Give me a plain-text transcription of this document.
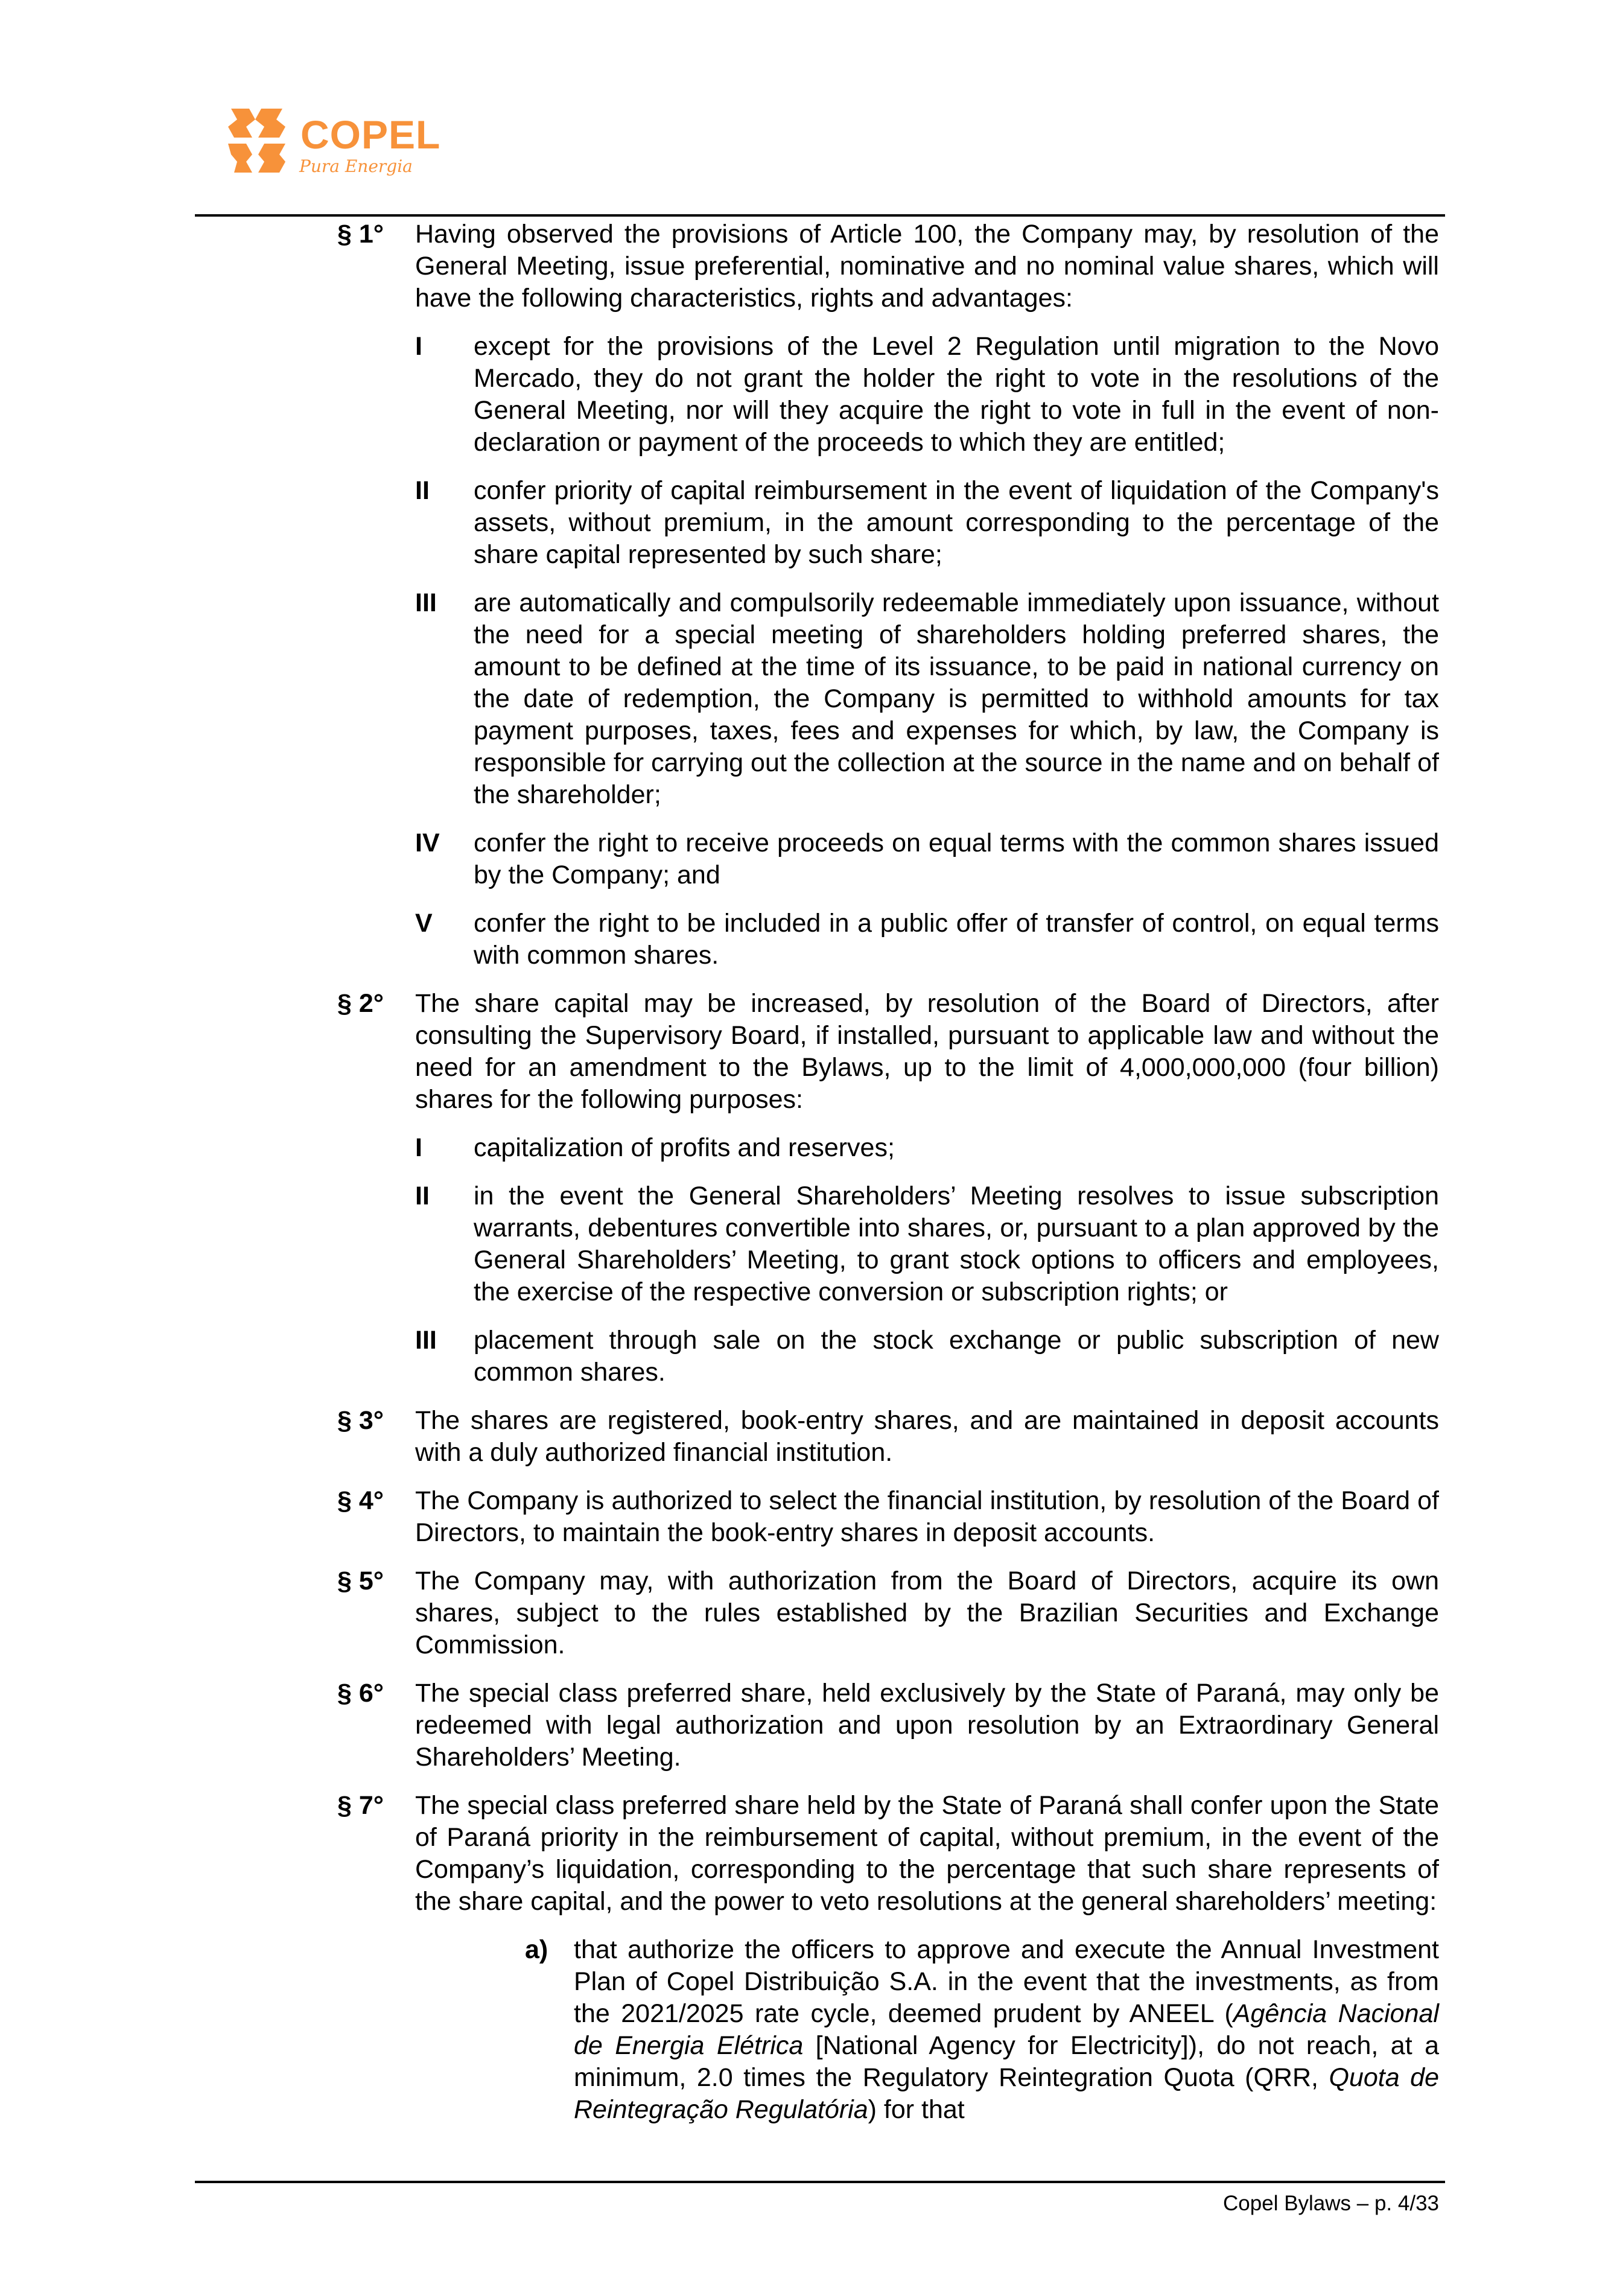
COPEL
Pura Energia
§ 1° Having observed the provisions of Article 100, the Company may, by resolution of the General Meeting, issue preferential, nominative and no nominal value shares, which will have the following characteristics, rights and advantages:
I except for the provisions of the Level 2 Regulation until migration to the Novo Mercado, they do not grant the holder the right to vote in the resolutions of the General Meeting, nor will they acquire the right to vote in full in the event of non-declaration or payment of the proceeds to which they are entitled;
II confer priority of capital reimbursement in the event of liquidation of the Company's assets, without premium, in the amount corresponding to the percentage of the share capital represented by such share;
III are automatically and compulsorily redeemable immediately upon issuance, without the need for a special meeting of shareholders holding preferred shares, the amount to be defined at the time of its issuance, to be paid in national currency on the date of redemption, the Company is permitted to withhold amounts for tax payment purposes, taxes, fees and expenses for which, by law, the Company is responsible for carrying out the collection at the source in the name and on behalf of the shareholder;
IV confer the right to receive proceeds on equal terms with the common shares issued by the Company; and
V confer the right to be included in a public offer of transfer of control, on equal terms with common shares.
§ 2° The share capital may be increased, by resolution of the Board of Directors, after consulting the Supervisory Board, if installed, pursuant to applicable law and without the need for an amendment to the Bylaws, up to the limit of 4,000,000,000 (four billion) shares for the following purposes:
I capitalization of profits and reserves;
II in the event the General Shareholders’ Meeting resolves to issue subscription warrants, debentures convertible into shares, or, pursuant to a plan approved by the General Shareholders’ Meeting, to grant stock options to officers and employees, the exercise of the respective conversion or subscription rights; or
III placement through sale on the stock exchange or public subscription of new common shares.
§ 3° The shares are registered, book-entry shares, and are maintained in deposit accounts with a duly authorized financial institution.
§ 4° The Company is authorized to select the financial institution, by resolution of the Board of Directors, to maintain the book-entry shares in deposit accounts.
§ 5° The Company may, with authorization from the Board of Directors, acquire its own shares, subject to the rules established by the Brazilian Securities and Exchange Commission.
§ 6° The special class preferred share, held exclusively by the State of Paraná, may only be redeemed with legal authorization and upon resolution by an Extraordinary General Shareholders’ Meeting.
§ 7° The special class preferred share held by the State of Paraná shall confer upon the State of Paraná priority in the reimbursement of capital, without premium, in the event of the Company’s liquidation, corresponding to the percentage that such share represents of the share capital, and the power to veto resolutions at the general shareholders’ meeting:
a) that authorize the officers to approve and execute the Annual Investment Plan of Copel Distribuição S.A. in the event that the investments, as from the 2021/2025 rate cycle, deemed prudent by ANEEL (Agência Nacional de Energia Elétrica [National Agency for Electricity]), do not reach, at a minimum, 2.0 times the Regulatory Reintegration Quota (QRR, Quota de Reintegração Regulatória) for that
Copel Bylaws – p. 4/33
